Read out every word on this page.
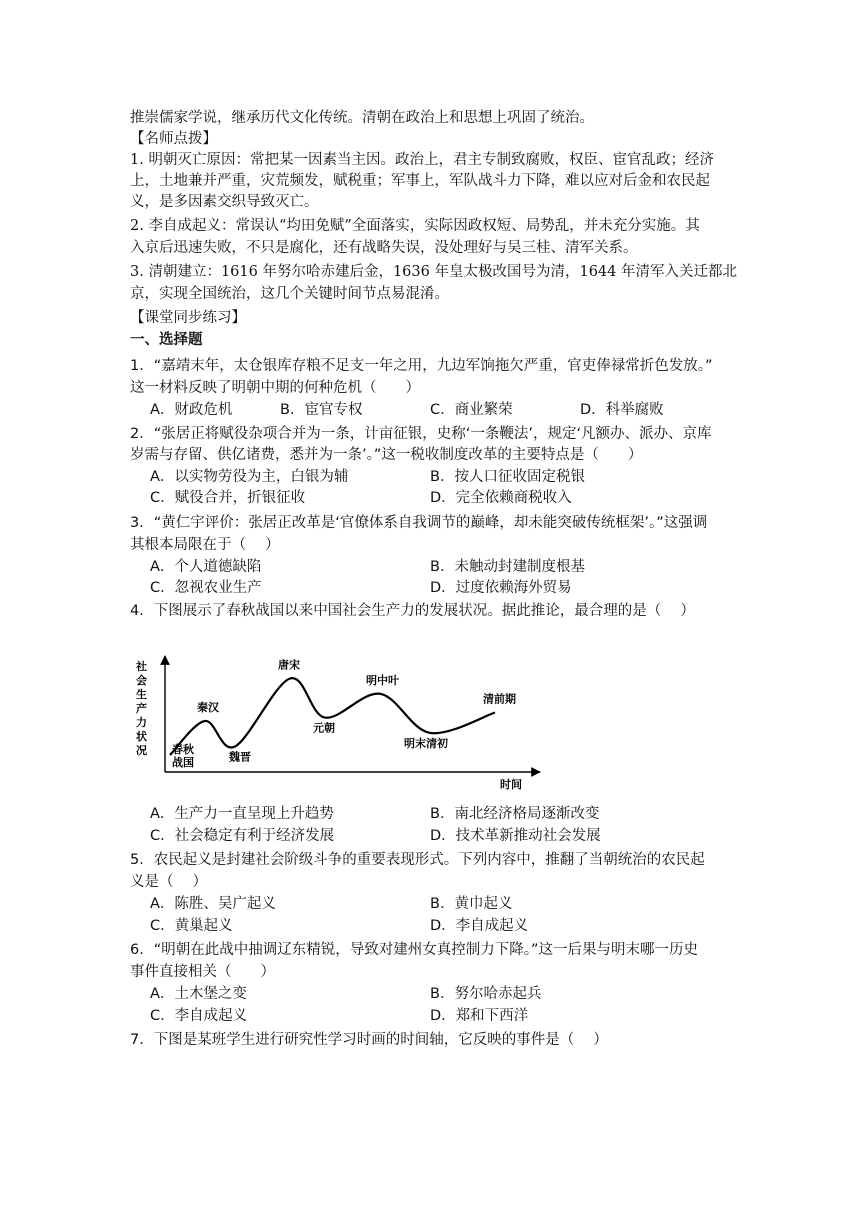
推崇儒家学说，继承历代文化传统。清朝在政治上和思想上巩固了统治。
【名师点拨】
1. 明朝灭亡原因：常把某一因素当主因。政治上，君主专制致腐败，权臣、宦官乱政；经济
上，土地兼并严重，灾荒频发，赋税重；军事上，军队战斗力下降，难以应对后金和农民起
义，是多因素交织导致灭亡。
2. 李自成起义：常误认“均田免赋”全面落实，实际因政权短、局势乱，并未充分实施。其
入京后迅速失败，不只是腐化，还有战略失误，没处理好与吴三桂、清军关系。
3. 清朝建立：1616 年努尔哈赤建后金，1636 年皇太极改国号为清，1644 年清军入关迁都北
京，实现全国统治，这几个关键时间节点易混淆。
【课堂同步练习】
一、选择题
1．“嘉靖末年，太仓银库存粮不足支一年之用，九边军饷拖欠严重，官吏俸禄常折色发放。”
这一材料反映了明朝中期的何种危机（　　）
A．财政危机	B．宦官专权	C．商业繁荣	D．科举腐败
2．“张居正将赋役杂项合并为一条，计亩征银，史称‘一条鞭法’，规定‘凡额办、派办、京库
岁需与存留、供亿诸费，悉并为一条’。”这一税收制度改革的主要特点是（　　）
A．以实物劳役为主，白银为辅	B．按人口征收固定税银
C．赋役合并，折银征收	D．完全依赖商税收入
3．“黄仁宇评价：张居正改革是‘官僚体系自我调节的巅峰，却未能突破传统框架’。”这强调
其根本局限在于（　 ）
A．个人道德缺陷	B．未触动封建制度根基
C．忽视农业生产	D．过度依赖海外贸易
4．下图展示了春秋战国以来中国社会生产力的发展状况。据此推论，最合理的是（　 ）
社
会
生
产
力
状
况 春秋
战国
秦汉
魏晋
唐宋
元朝
明中叶
明末清初
清前期
时间
A．生产力一直呈现上升趋势	B．南北经济格局逐渐改变
C．社会稳定有利于经济发展	D．技术革新推动社会发展
5．农民起义是封建社会阶级斗争的重要表现形式。下列内容中，推翻了当朝统治的农民起
义是（　 ）
A．陈胜、吴广起义	B．黄巾起义
C．黄巢起义	D．李自成起义
6．“明朝在此战中抽调辽东精锐，导致对建州女真控制力下降。”这一后果与明末哪一历史
事件直接相关（　　）
A．土木堡之变	B．努尔哈赤起兵
C．李自成起义	D．郑和下西洋
7．下图是某班学生进行研究性学习时画的时间轴，它反映的事件是（　 ）
